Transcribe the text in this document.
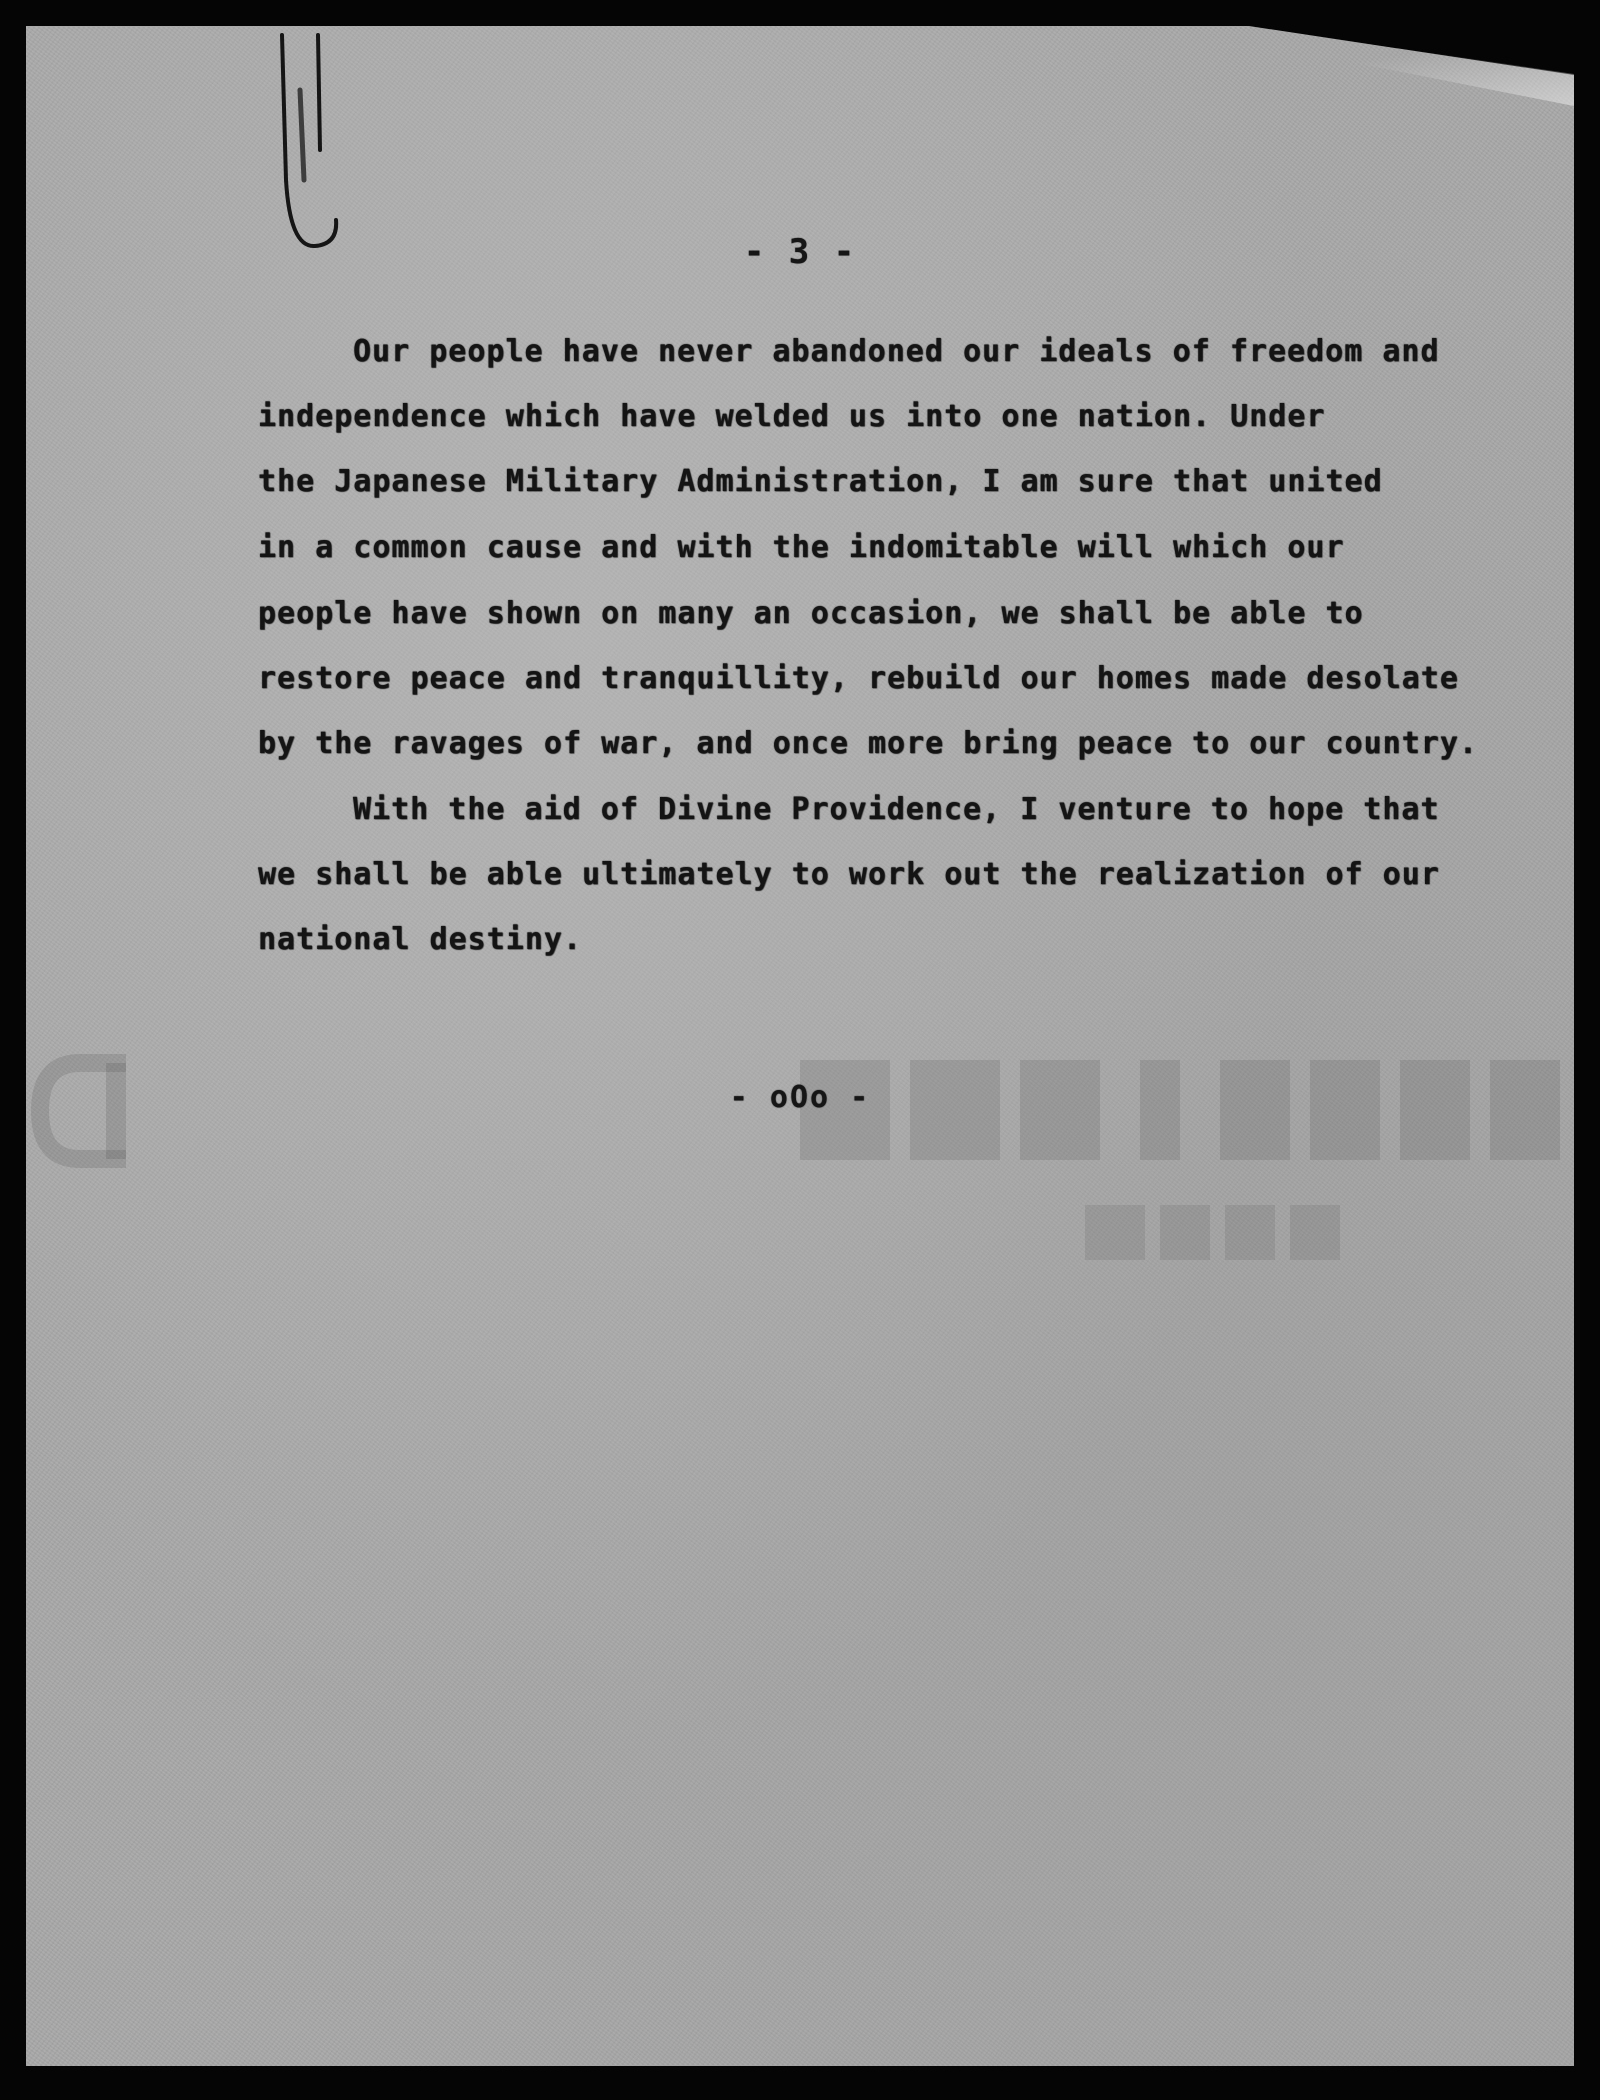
- 3 -
Our people have never abandoned our ideals of freedom and
independence which have welded us into one nation. Under
the Japanese Military Administration, I am sure that united
in a common cause and with the indomitable will which our
people have shown on many an occasion, we shall be able to
restore peace and tranquillity, rebuild our homes made desolate
by the ravages of war, and once more bring peace to our country.
With the aid of Divine Providence, I venture to hope that
we shall be able ultimately to work out the realization of our
national destiny.
- oOo -
